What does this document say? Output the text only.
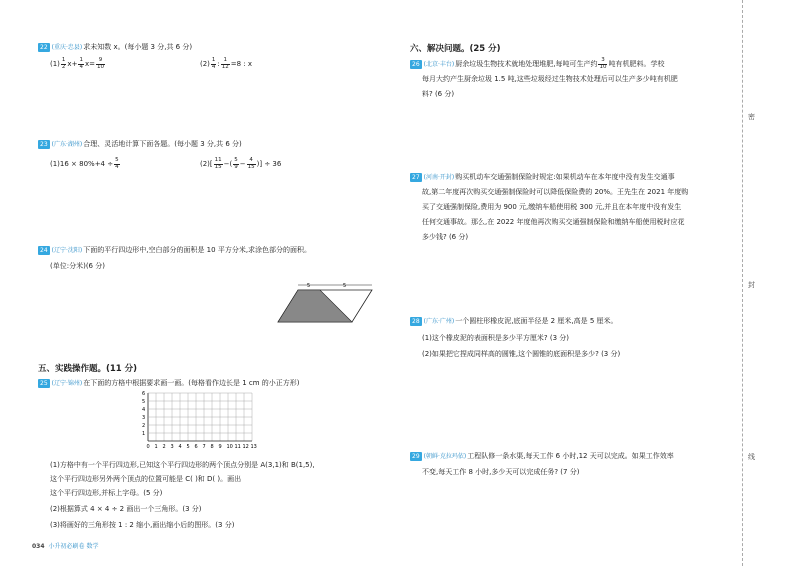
22 (重庆·忠县)求未知数 x。(每小题 3 分,共 6 分)
$(1) \frac{1}{2} x+ \frac{1}{4} x= \frac{9}{10}$	$(2) \frac{1}{4}$ : $\frac{1}{12} =8$ : x
23 (广东·湖州)合理、灵活地计算下面各题。(每小题 3 分,共 6 分)
$(1)16 \times 80\%+4 \div \frac{5}{4}$	$(2)[ \frac{11}{15}$ −( $\frac{5}{9} - \frac{4}{15}$ )] ÷ 36
24 (辽宁·沈阳)下面的平行四边形中,空白部分的面积是 10 平方分米,求涂色部分的面积。
(单位:分米)(6 分)
5	5
五、实践操作题。(11 分)
25 (辽宁·锦州)在下面的方格中根据要求画一画。(每格看作边长是 1 cm 的小正方形)
6
5
4
3
2
1
0 1 2 3 4 5 6 7 8 9 10 11 12 13
(1)方格中有一个平行四边形,已知这个平行四边形的两个顶点分别是 A(3,1)和 B(1,5),
这个平行四边形另外两个顶点的位置可能是 C( )和 D( )。画出
这个平行四边形,并标上字母。(5 分)
(2)根据算式 4 × 4 ÷ 2 画出一个三角形。(3 分)
(3)将画好的三角形按 1 : 2 缩小,画出缩小后的图形。(3 分)
034 小升初必刷卷 数学
六、解决问题。(25 分)
26 (北京·丰台)厨余垃圾生物技术就地处理堆肥,每吨可生产约 $\frac{3}{10}$ 吨有机肥料。学校
每月大约产生厨余垃圾 1.5 吨,这些垃圾经过生物技术处理后可以生产多少吨有机肥
料? (6 分)
27 (河南·开封)购买机动车交通强制保险时规定:如果机动车在本年度中没有发生交通事
故,第二年度再次购买交通强制保险时可以降低保险费的 20%。王先生在 2021 年度购
买了交通强制保险,费用为 900 元,缴纳车船使用税 300 元,并且在本年度中没有发生
任何交通事故。那么,在 2022 年度他再次购买交通强制保险和缴纳车船使用税时应花
多少钱? (6 分)
28 (广东·广州)一个圆柱形橡皮泥,底面半径是 2 厘米,高是 5 厘米。
(1)这个橡皮泥的表面积是多少平方厘米? (3 分)
(2)如果把它捏成同样高的圆锥,这个圆锥的底面积是多少? (3 分)
29 (朝鲜·克拉玛依)工程队修一条水渠,每天工作 6 小时,12 天可以完成。如果工作效率
不变,每天工作 8 小时,多少天可以完成任务? (7 分)
密
封
线
